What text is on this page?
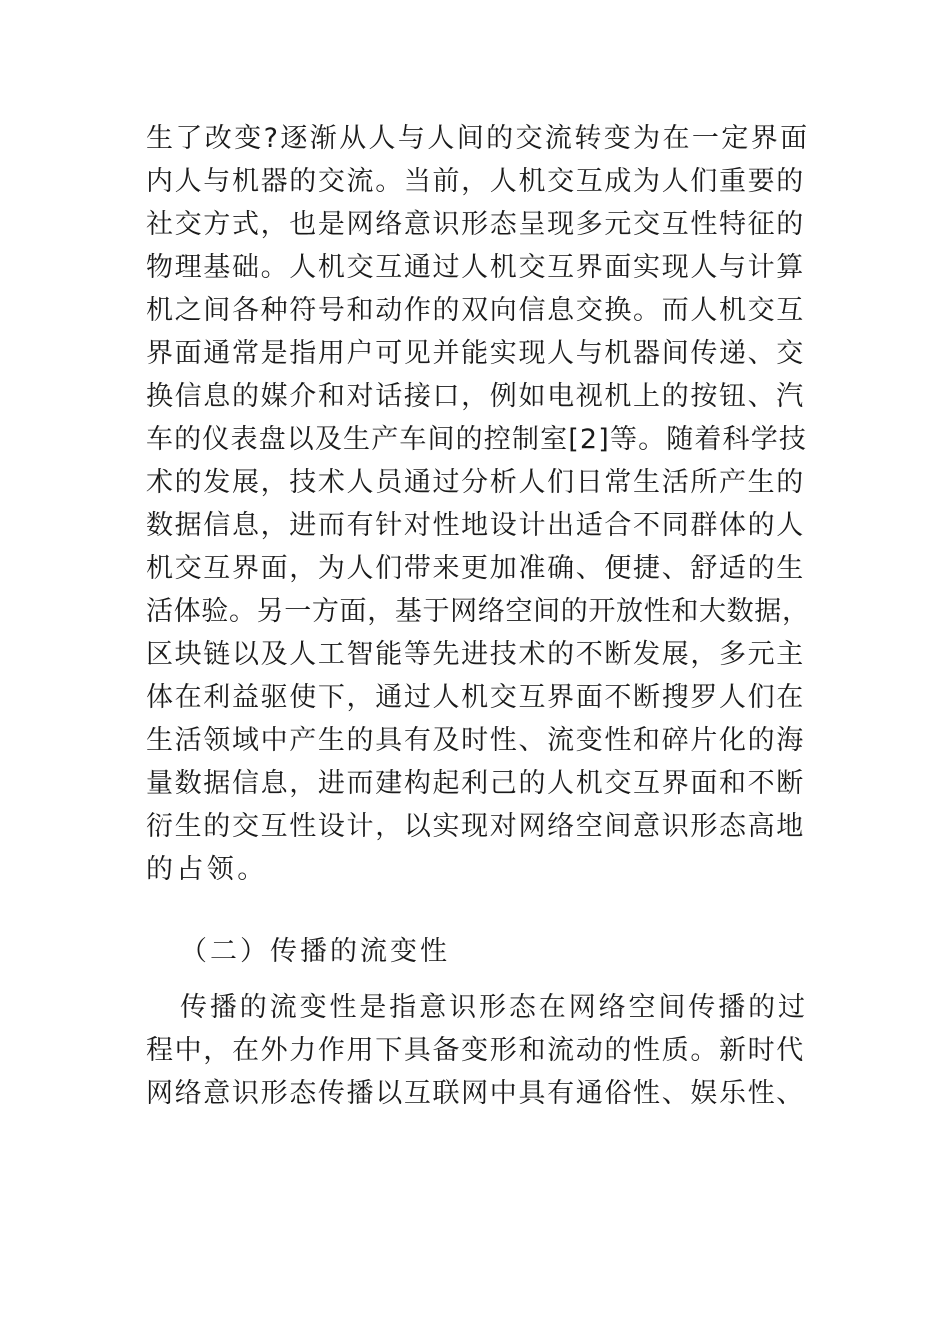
生了改变?逐渐从人与人间的交流转变为在一定界面
内人与机器的交流。当前，人机交互成为人们重要的
社交方式，也是网络意识形态呈现多元交互性特征的
物理基础。人机交互通过人机交互界面实现人与计算
机之间各种符号和动作的双向信息交换。而人机交互
界面通常是指用户可见并能实现人与机器间传递、交
换信息的媒介和对话接口，例如电视机上的按钮、汽
车的仪表盘以及生产车间的控制室[2]等。随着科学技
术的发展，技术人员通过分析人们日常生活所产生的
数据信息，进而有针对性地设计出适合不同群体的人
机交互界面，为人们带来更加准确、便捷、舒适的生
活体验。另一方面，基于网络空间的开放性和大数据，
区块链以及人工智能等先进技术的不断发展，多元主
体在利益驱使下，通过人机交互界面不断搜罗人们在
生活领域中产生的具有及时性、流变性和碎片化的海
量数据信息，进而建构起利己的人机交互界面和不断
衍生的交互性设计，以实现对网络空间意识形态高地
的占领。
（二）传播的流变性
传播的流变性是指意识形态在网络空间传播的过
程中，在外力作用下具备变形和流动的性质。新时代
网络意识形态传播以互联网中具有通俗性、娱乐性、
